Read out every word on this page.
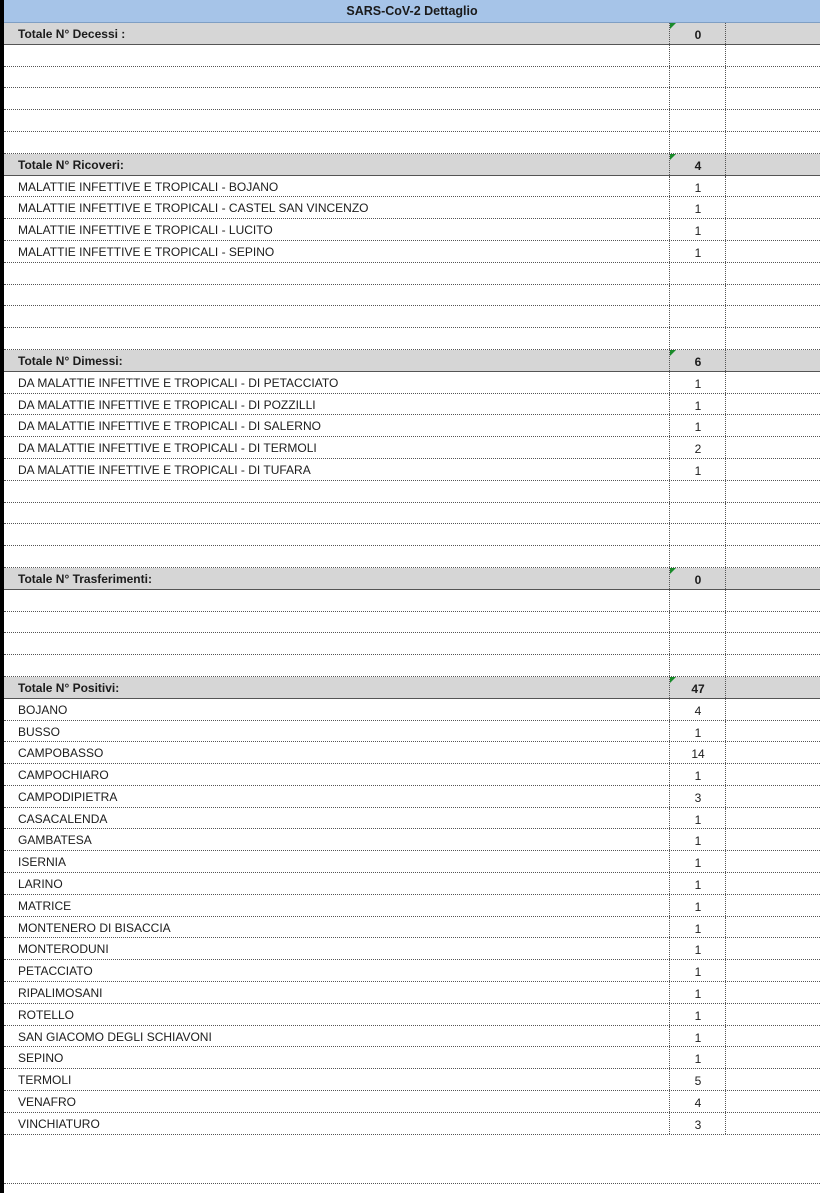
SARS-CoV-2 Dettaglio
Totale N° Decessi :	0
Totale N° Ricoveri:	4
MALATTIE INFETTIVE E TROPICALI - BOJANO	1
MALATTIE INFETTIVE E TROPICALI - CASTEL SAN VINCENZO	1
MALATTIE INFETTIVE E TROPICALI - LUCITO	1
MALATTIE INFETTIVE E TROPICALI - SEPINO	1
Totale N° Dimessi:	6
DA MALATTIE INFETTIVE E TROPICALI - DI PETACCIATO	1
DA MALATTIE INFETTIVE E TROPICALI - DI POZZILLI	1
DA MALATTIE INFETTIVE E TROPICALI - DI SALERNO	1
DA MALATTIE INFETTIVE E TROPICALI - DI TERMOLI	2
DA MALATTIE INFETTIVE E TROPICALI - DI TUFARA	1
Totale N° Trasferimenti:	0
Totale N° Positivi:	47
BOJANO	4
BUSSO	1
CAMPOBASSO	14
CAMPOCHIARO	1
CAMPODIPIETRA	3
CASACALENDA	1
GAMBATESA	1
ISERNIA	1
LARINO	1
MATRICE	1
MONTENERO DI BISACCIA	1
MONTERODUNI	1
PETACCIATO	1
RIPALIMOSANI	1
ROTELLO	1
SAN GIACOMO DEGLI SCHIAVONI	1
SEPINO	1
TERMOLI	5
VENAFRO	4
VINCHIATURO	3
